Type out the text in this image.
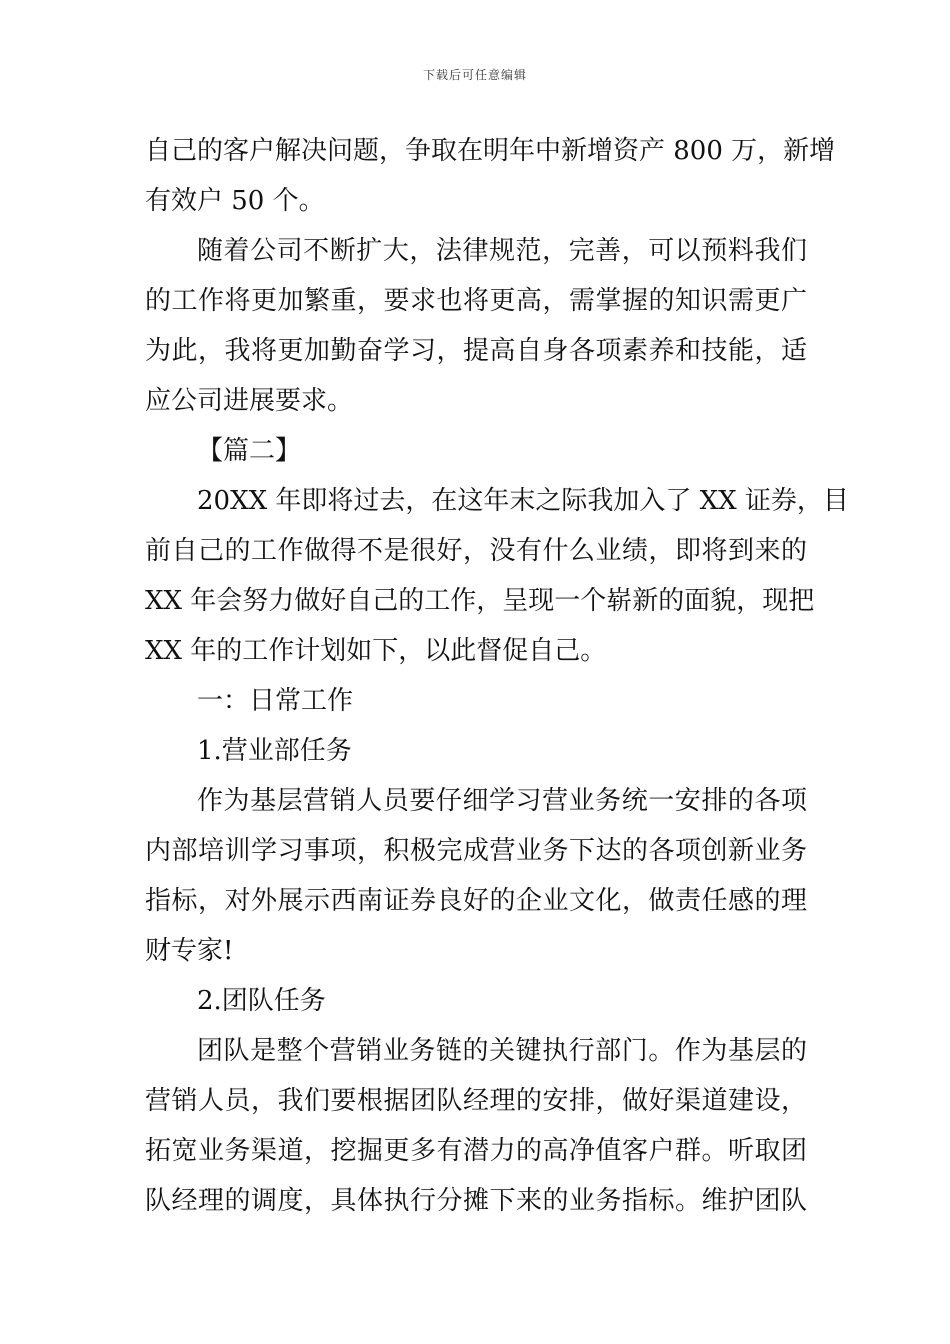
下载后可任意编辑
自己的客户解决问题，争取在明年中新增资产 800 万，新增
有效户 50 个。
随着公司不断扩大，法律规范，完善，可以预料我们
的工作将更加繁重，要求也将更高，需掌握的知识需更广
为此，我将更加勤奋学习，提高自身各项素养和技能，适
应公司进展要求。
【篇二】
20XX 年即将过去，在这年末之际我加入了 XX 证券，目
前自己的工作做得不是很好，没有什么业绩，即将到来的
XX 年会努力做好自己的工作，呈现一个崭新的面貌，现把
XX 年的工作计划如下，以此督促自己。
一：日常工作
1.营业部任务
作为基层营销人员要仔细学习营业务统一安排的各项
内部培训学习事项，积极完成营业务下达的各项创新业务
指标，对外展示西南证券良好的企业文化，做责任感的理
财专家!
2.团队任务
团队是整个营销业务链的关键执行部门。作为基层的
营销人员，我们要根据团队经理的安排，做好渠道建设，
拓宽业务渠道，挖掘更多有潜力的高净值客户群。听取团
队经理的调度，具体执行分摊下来的业务指标。维护团队
